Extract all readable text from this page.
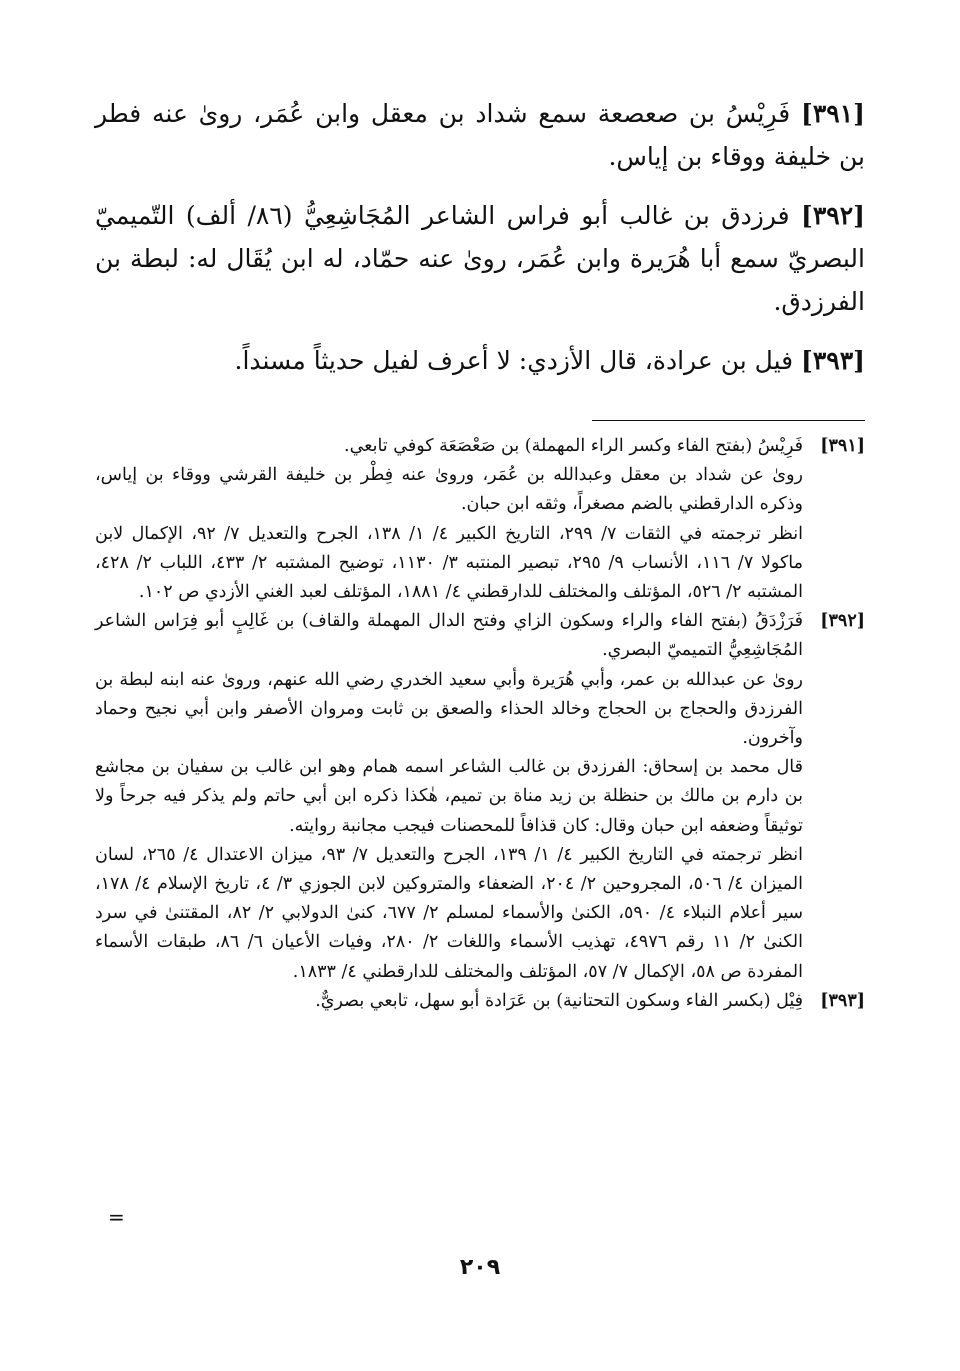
[٣٩١] فَرِيْسُ بن صعصعة سمع شداد بن معقل وابن عُمَر، روىٰ عنه فطر بن خليفة ووقاء بن إياس.

[٣٩٢] فرزدق بن غالب أبو فراس الشاعر المُجَاشِعِيُّ (٨٦/ ألف) التّميميّ البصريّ سمع أبا هُرَيرة وابن عُمَر، روىٰ عنه حمّاد، له ابن يُقَال له: لبطة بن الفرزدق.

[٣٩٣] فيل بن عرادة، قال الأزدي: لا أعرف لفيل حديثاً مسنداً.

[٣٩١]
فَرِيْسُ (بفتح الفاء وكسر الراء المهملة) بن صَعْصَعَة كوفي تابعي.

روىٰ عن شداد بن معقل وعبدالله بن عُمَر، وروىٰ عنه فِطْر بن خليفة القرشي ووقاء بن إياس، وذكره الدارقطني بالضم مصغراً، وثقه ابن حبان.

انظر ترجمته في الثقات ٧/ ٢٩٩، التاريخ الكبير ٤/ ١/ ١٣٨، الجرح والتعديل ٧/ ٩٢، الإكمال لابن ماكولا ٧/ ١١٦، الأنساب ٩/ ٢٩٥، تبصير المنتبه ٣/ ١١٣٠، توضيح المشتبه ٢/ ٤٣٣، اللباب ٢/ ٤٢٨، المشتبه ٢/ ٥٢٦، المؤتلف والمختلف للدارقطني ٤/ ١٨٨١، المؤتلف لعبد الغني الأزدي ص ١٠٢.

[٣٩٢]
فَرَزْدَقُ (بفتح الفاء والراء وسكون الزاي وفتح الدال المهملة والقاف) بن غَالِبٍ أبو فِرَاس الشاعر المُجَاشِعِيُّ التميميّ البصري.

روىٰ عن عبدالله بن عمر، وأبي هُرَيرة وأبي سعيد الخدري رضي الله عنهم، وروىٰ عنه ابنه لبطة بن الفرزدق والحجاج بن الحجاج وخالد الحذاء والصعق بن ثابت ومروان الأصفر وابن أبي نجيح وحماد وآخرون.

قال محمد بن إسحاق: الفرزدق بن غالب الشاعر اسمه همام وهو ابن غالب بن سفيان بن مجاشع بن دارم بن مالك بن حنظلة بن زيد مناة بن تميم، هٰكذا ذكره ابن أبي حاتم ولم يذكر فيه جرحاً ولا توثيقاً وضعفه ابن حبان وقال: كان قذافاً للمحصنات فيجب مجانبة روايته.

انظر ترجمته في التاريخ الكبير ٤/ ١/ ١٣٩، الجرح والتعديل ٧/ ٩٣، ميزان الاعتدال ٤/ ٢٦٥، لسان الميزان ٤/ ٥٠٦، المجروحين ٢/ ٢٠٤، الضعفاء والمتروكين لابن الجوزي ٣/ ٤، تاريخ الإسلام ٤/ ١٧٨، سير أعلام النبلاء ٤/ ٥٩٠، الكنىٰ والأسماء لمسلم ٢/ ٦٧٧، كنىٰ الدولابي ٢/ ٨٢، المقتنىٰ في سرد الكنىٰ ٢/ ١١ رقم ٤٩٧٦، تهذيب الأسماء واللغات ٢/ ٢٨٠، وفيات الأعيان ٦/ ٨٦، طبقات الأسماء المفردة ص ٥٨، الإكمال ٧/ ٥٧، المؤتلف والمختلف للدارقطني ٤/ ١٨٣٣.

[٣٩٣]
فِيْل (بكسر الفاء وسكون التحتانية) بن عَرَادة أبو سهل، تابعي بصريٌّ.
=
٢٠٩
